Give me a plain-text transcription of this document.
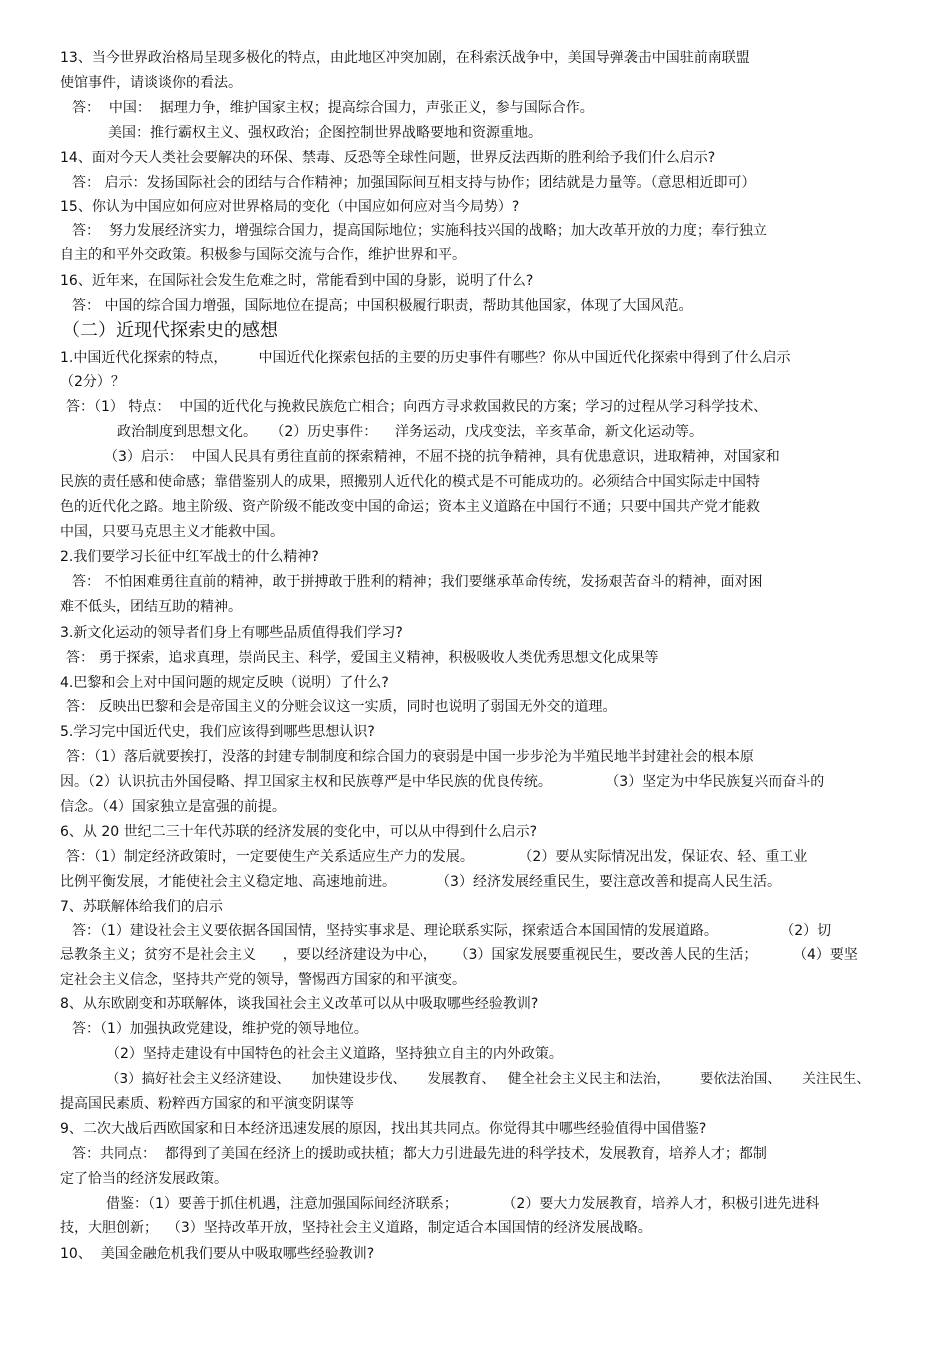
13、当今世界政治格局呈现多极化的特点，由此地区冲突加剧，在科索沃战争中，美国导弹袭击中国驻前南联盟
使馆事件，请谈谈你的看法。
答：  中国：  据理力争，维护国家主权；提高综合国力，声张正义，参与国际合作。
美国：推行霸权主义、强权政治；企图控制世界战略要地和资源重地。
14、面对今天人类社会要解决的环保、禁毒、反恐等全球性问题，世界反法西斯的胜利给予我们什么启示?
答： 启示：发扬国际社会的团结与合作精神；加强国际间互相支持与协作；团结就是力量等。（意思相近即可）
15、你认为中国应如何应对世界格局的变化（中国应如何应对当今局势）?
答：  努力发展经济实力，增强综合国力，提高国际地位；实施科技兴国的战略；加大改革开放的力度；奉行独立
自主的和平外交政策。积极参与国际交流与合作，维护世界和平。
16、近年来，在国际社会发生危难之时，常能看到中国的身影，说明了什么?
答： 中国的综合国力增强，国际地位在提高；中国积极履行职责，帮助其他国家，体现了大国风范。
（二）近现代探索史的感想
1.中国近代化探索的特点，       中国近代化探索包括的主要的历史事件有哪些？你从中国近代化探索中得到了什么启示
（2分）？
答：（1） 特点：  中国的近代化与挽救民族危亡相合；向西方寻求救国救民的方案；学习的过程从学习科学技术、
政治制度到思想文化。   （2）历史事件：    洋务运动，戊戌变法，辛亥革命，新文化运动等。
（3）启示：  中国人民具有勇往直前的探索精神，不屈不挠的抗争精神，具有优患意识，进取精神，对国家和
民族的责任感和使命感；靠借鉴别人的成果，照搬别人近代化的模式是不可能成功的。必须结合中国实际走中国特
色的近代化之路。地主阶级、资产阶级不能改变中国的命运；资本主义道路在中国行不通；只要中国共产党才能救
中国，只要马克思主义才能救中国。
2.我们要学习长征中红军战士的什么精神?
答： 不怕困难勇往直前的精神，敢于拼搏敢于胜利的精神；我们要继承革命传统，发扬艰苦奋斗的精神，面对困
难不低头，团结互助的精神。
3.新文化运动的领导者们身上有哪些品质值得我们学习?
答： 勇于探索，追求真理，崇尚民主、科学，爱国主义精神，积极吸收人类优秀思想文化成果等
4.巴黎和会上对中国问题的规定反映（说明）了什么?
答： 反映出巴黎和会是帝国主义的分赃会议这一实质，同时也说明了弱国无外交的道理。
5.学习完中国近代史，我们应该得到哪些思想认识?
答：（1）落后就要挨打，没落的封建专制制度和综合国力的衰弱是中国一步步沦为半殖民地半封建社会的根本原
因。（2）认识抗击外国侵略、捍卫国家主权和民族尊严是中华民族的优良传统。            （3）坚定为中华民族复兴而奋斗的
信念。（4）国家独立是富强的前提。
6、从 20 世纪二三十年代苏联的经济发展的变化中，可以从中得到什么启示?
答：（1）制定经济政策时，一定要使生产关系适应生产力的发展。          （2）要从实际情况出发，保证农、轻、重工业
比例平衡发展，才能使社会主义稳定地、高速地前进。         （3）经济发展经重民生，要注意改善和提高人民生活。
7、苏联解体给我们的启示
答：（1）建设社会主义要依据各国国情，坚持实事求是、理论联系实际，探索适合本国国情的发展道路。              （2）切
忌教条主义；贫穷不是社会主义      ，要以经济建设为中心，    （3）国家发展要重视民生，要改善人民的生活；        （4）要坚
定社会主义信念，坚持共产党的领导，警惕西方国家的和平演变。
8、从东欧剧变和苏联解体，谈我国社会主义改革可以从中吸取哪些经验教训?
答：（1）加强执政党建设，维护党的领导地位。
（2）坚持走建设有中国特色的社会主义道路，坚持独立自主的内外政策。
（3）搞好社会主义经济建设、     加快建设步伐、     发展教育、   健全社会主义民主和法治，       要依法治国、     关注民生、
提高国民素质、粉粹西方国家的和平演变阴谋等
9、二次大战后西欧国家和日本经济迅速发展的原因，找出其共同点。你觉得其中哪些经验值得中国借鉴?
答：共同点：  都得到了美国在经济上的援助或扶植；都大力引进最先进的科学技术，发展教育，培养人才；都制
定了恰当的经济发展政策。
借鉴：（1）要善于抓住机遇，注意加强国际间经济联系；          （2）要大力发展教育，培养人才，积极引进先进科
技，大胆创新；  （3）坚持改革开放，坚持社会主义道路，制定适合本国国情的经济发展战略。
10、  美国金融危机我们要从中吸取哪些经验教训?
